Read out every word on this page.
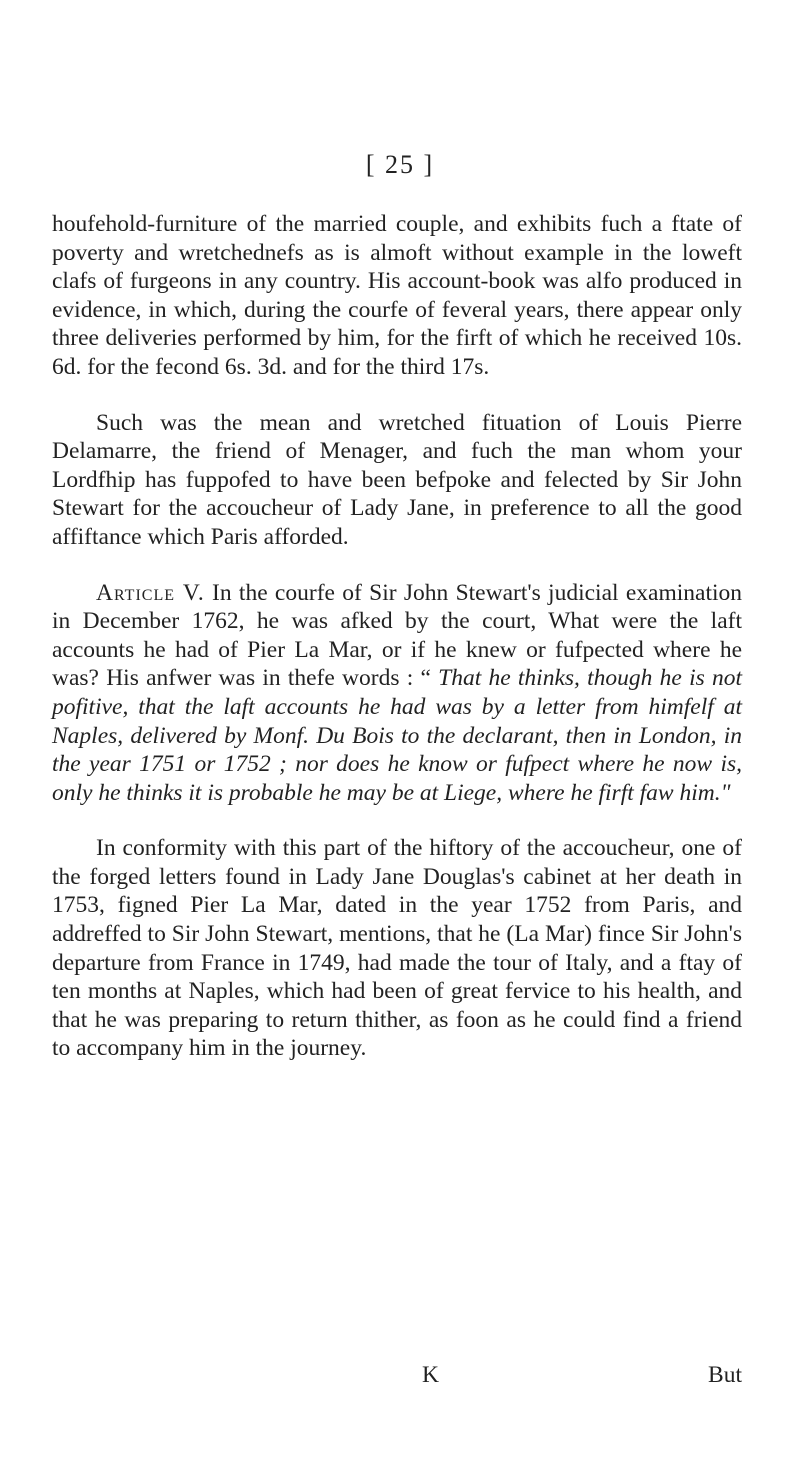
[ 25 ]

houfehold-furniture of the married couple, and exhibits fuch a ftate of poverty and wretchednefs as is almoft without example in the loweft clafs of furgeons in any country. His account-book was alfo produced in evidence, in which, during the courfe of feveral years, there appear only three deliveries performed by him, for the firft of which he received 10s. 6d. for the fecond 6s. 3d. and for the third 17s.

Such was the mean and wretched fituation of Louis Pierre Delamarre, the friend of Menager, and fuch the man whom your Lordfhip has fuppofed to have been befpoke and felected by Sir John Stewart for the accoucheur of Lady Jane, in preference to all the good affiftance which Paris afforded.

Article V. In the courfe of Sir John Stewart's judicial examination in December 1762, he was afked by the court, What were the laft accounts he had of Pier La Mar, or if he knew or fufpected where he was? His anfwer was in thefe words : “ That he thinks, though he is not pofitive, that the laft accounts he had was by a letter from himfelf at Naples, delivered by Monf. Du Bois to the declarant, then in London, in the year 1751 or 1752 ; nor does he know or fufpect where he now is, only he thinks it is probable he may be at Liege, where he firft faw him."

In conformity with this part of the hiftory of the accoucheur, one of the forged letters found in Lady Jane Douglas's cabinet at her death in 1753, figned Pier La Mar, dated in the year 1752 from Paris, and addreffed to Sir John Stewart, mentions, that he (La Mar) fince Sir John's departure from France in 1749, had made the tour of Italy, and a ftay of ten months at Naples, which had been of great fervice to his health, and that he was preparing to return thither, as foon as he could find a friend to accompany him in the journey.

K	But
